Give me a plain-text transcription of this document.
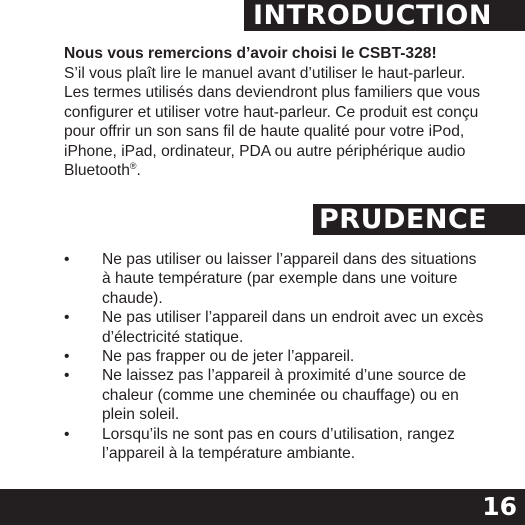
INTRODUCTION

Nous vous remercions d’avoir choisi le CSBT-328!

S’il vous plaît lire le manuel avant d’utiliser le haut-parleur. Les termes utilisés dans deviendront plus familiers que vous configurer et utiliser votre haut-parleur. Ce produit est conçu pour offrir un son sans fil de haute qualité pour votre iPod, iPhone, iPad, ordinateur, PDA ou autre périphérique audio Bluetooth®.

PRUDENCE
• Ne pas utiliser ou laisser l’appareil dans des situations à haute température (par exemple dans une voiture chaude).
• Ne pas utiliser l’appareil dans un endroit avec un excès d’électricité statique.
• Ne pas frapper ou de jeter l’appareil.
• Ne laissez pas l’appareil à proximité d’une source de chaleur (comme une cheminée ou chauffage) ou en plein soleil.
• Lorsqu’ils ne sont pas en cours d’utilisation, rangez l’appareil à la température ambiante.
16
